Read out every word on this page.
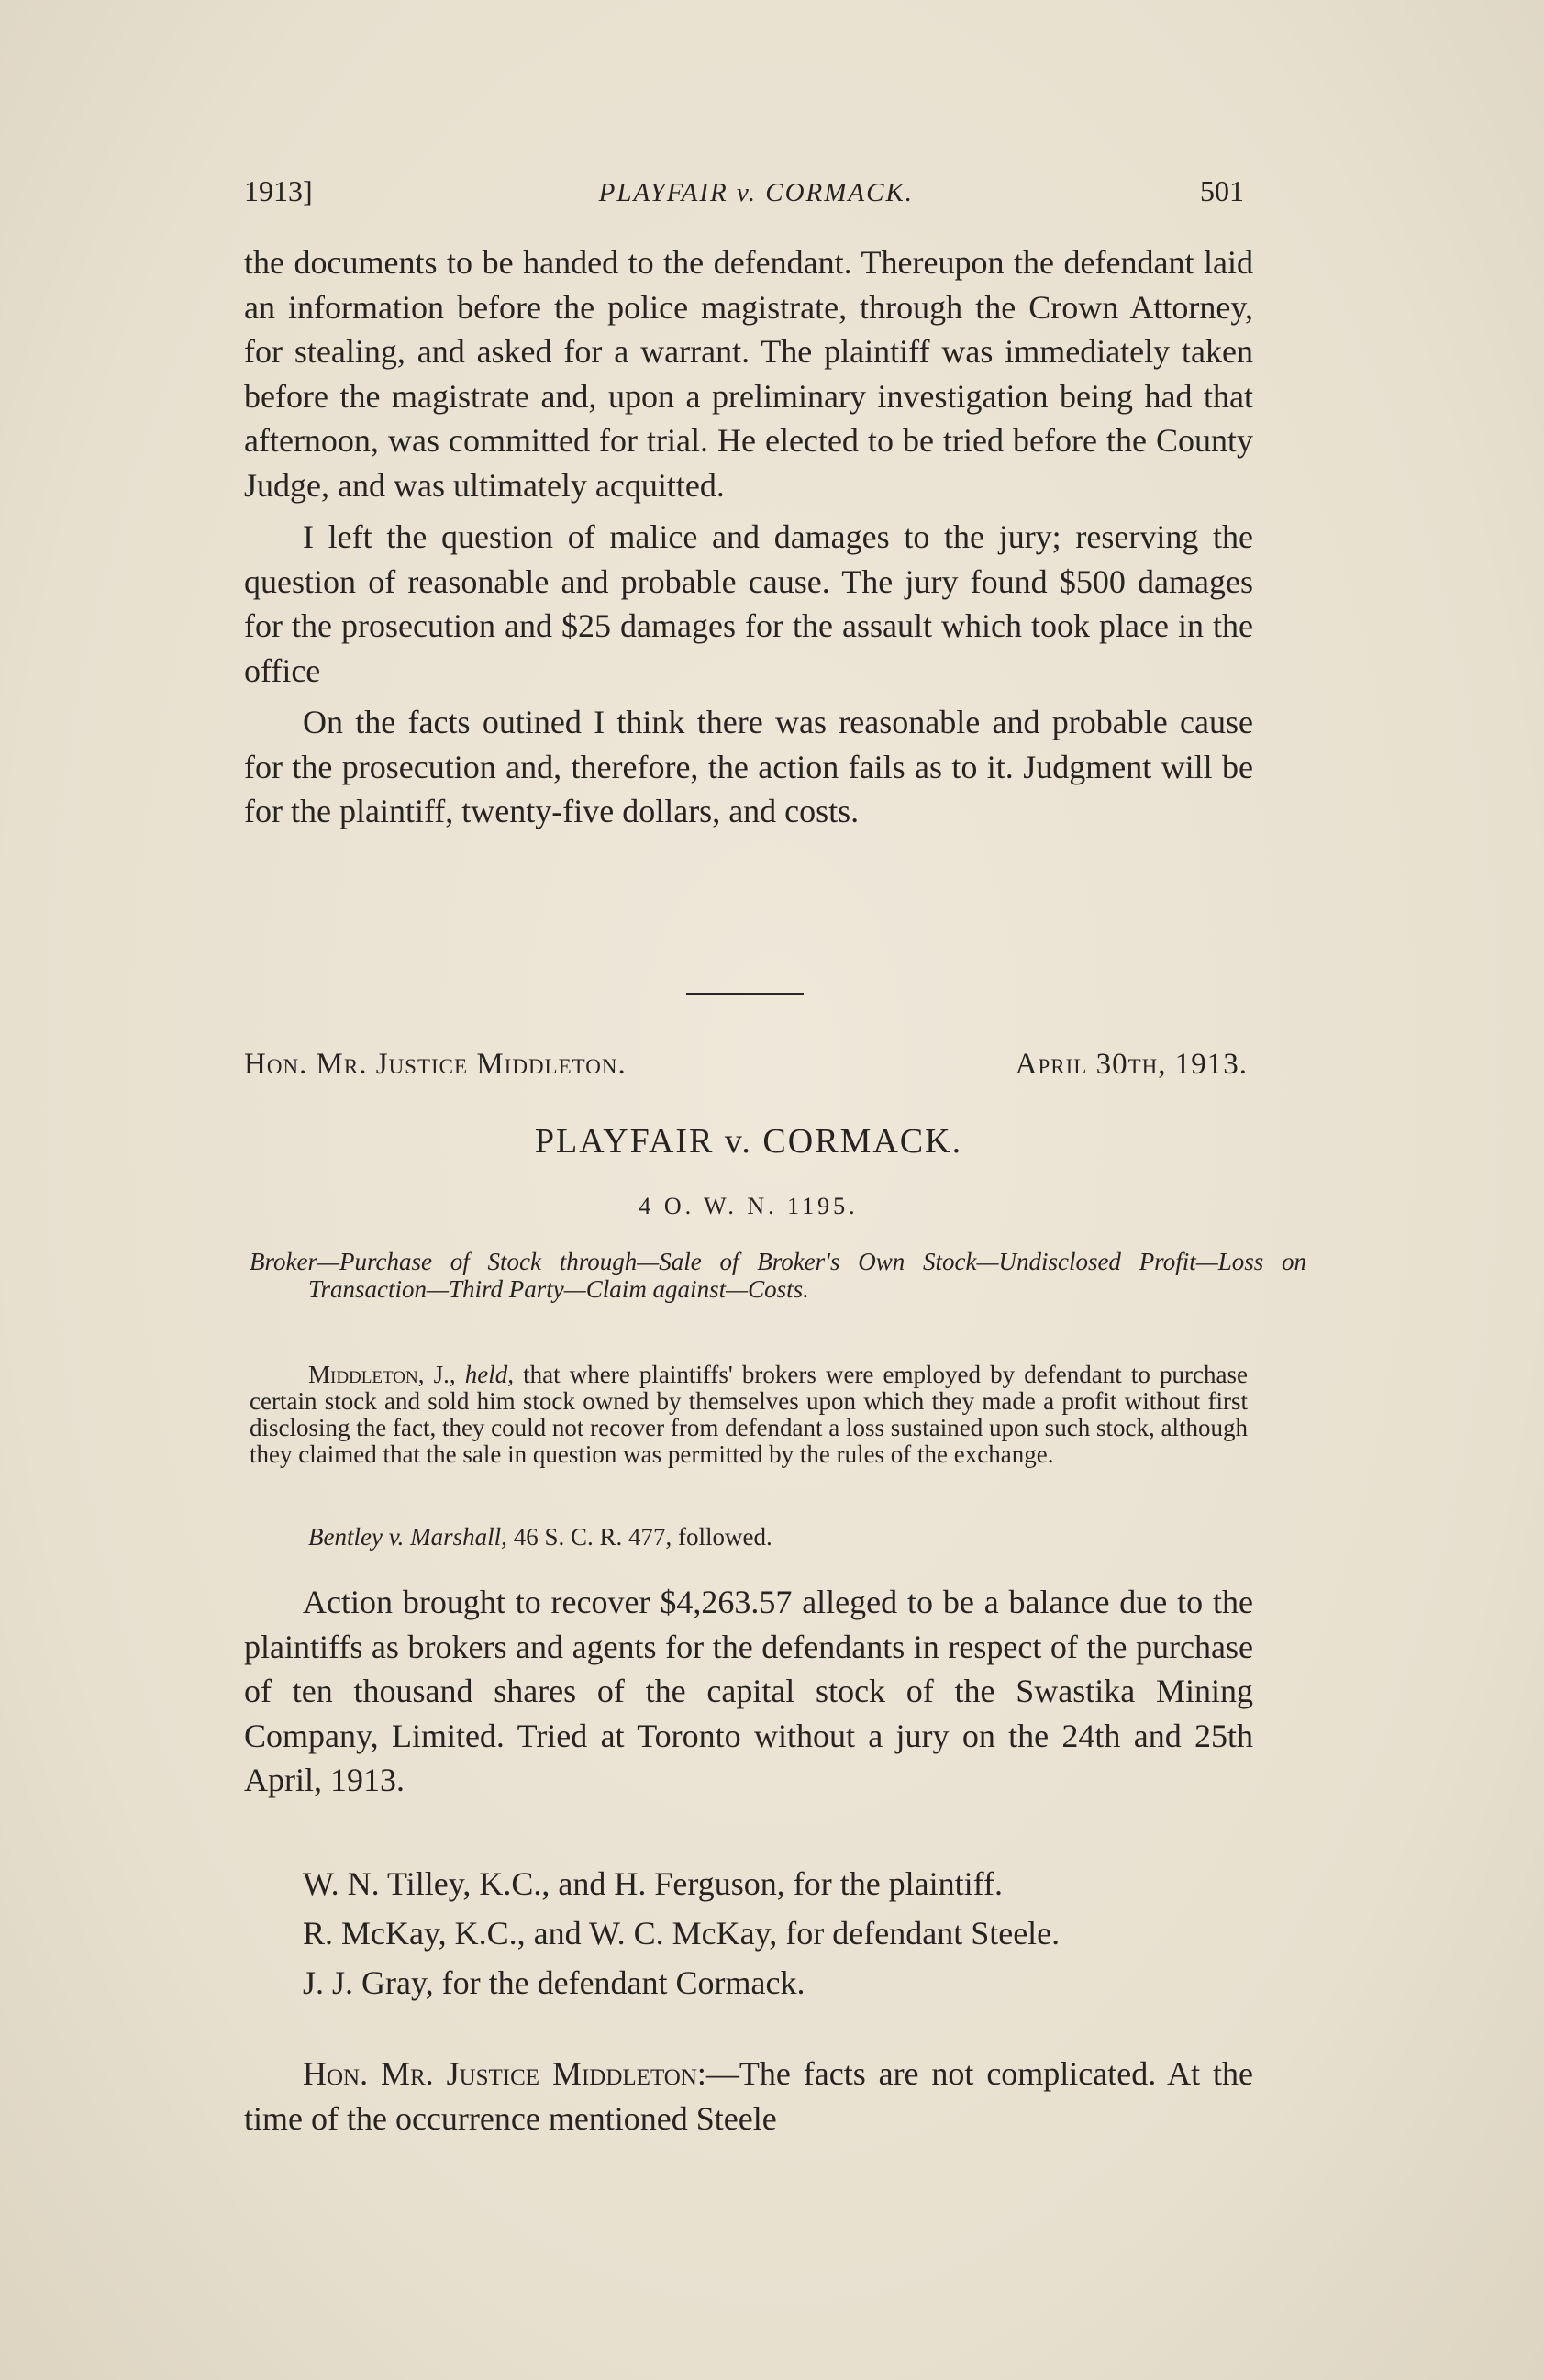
1913]	PLAYFAIR v. CORMACK.	501

the documents to be handed to the defendant. Thereupon the defendant laid an information before the police magistrate, through the Crown Attorney, for stealing, and asked for a warrant. The plaintiff was immediately taken before the magistrate and, upon a preliminary investigation being had that afternoon, was committed for trial. He elected to be tried before the County Judge, and was ultimately acquitted.

I left the question of malice and damages to the jury; reserving the question of reasonable and probable cause. The jury found $500 damages for the prosecution and $25 damages for the assault which took place in the office

On the facts outined I think there was reasonable and probable cause for the prosecution and, therefore, the action fails as to it. Judgment will be for the plaintiff, twenty-five dollars, and costs.

Hon. Mr. Justice Middleton.	April 30th, 1913.
PLAYFAIR v. CORMACK.
4 O. W. N. 1195.

Broker—Purchase of Stock through—Sale of Broker's Own Stock—Undisclosed Profit—Loss on Transaction—Third Party—Claim against—Costs.

Middleton, J., held, that where plaintiffs' brokers were employed by defendant to purchase certain stock and sold him stock owned by themselves upon which they made a profit without first disclosing the fact, they could not recover from defendant a loss sustained upon such stock, although they claimed that the sale in question was permitted by the rules of the exchange.

Bentley v. Marshall, 46 S. C. R. 477, followed.

Action brought to recover $4,263.57 alleged to be a balance due to the plaintiffs as brokers and agents for the defendants in respect of the purchase of ten thousand shares of the capital stock of the Swastika Mining Company, Limited. Tried at Toronto without a jury on the 24th and 25th April, 1913.

W. N. Tilley, K.C., and H. Ferguson, for the plaintiff.

R. McKay, K.C., and W. C. McKay, for defendant Steele.

J. J. Gray, for the defendant Cormack.

Hon. Mr. Justice Middleton:—The facts are not complicated. At the time of the occurrence mentioned Steele
